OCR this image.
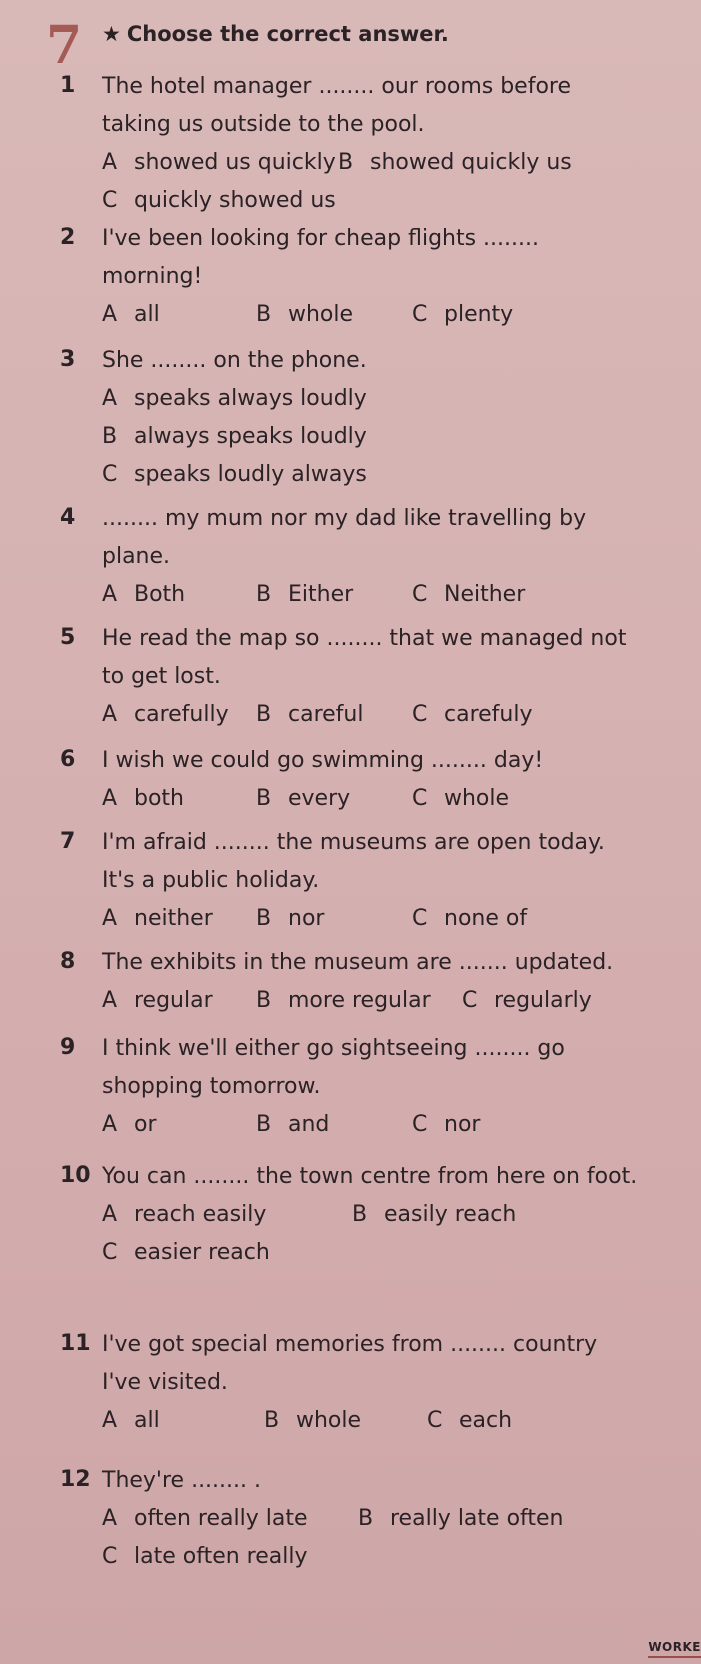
7 ★ Choose the correct answer.
1 The hotel manager ........ our rooms before taking us outside to the pool.
A showed us quickly B showed quickly us
C quickly showed us
2 I've been looking for cheap flights ........ morning!
A all	B whole	C plenty
3 She ........ on the phone.
A speaks always loudly
B always speaks loudly
C speaks loudly always
4 ........ my mum nor my dad like travelling by plane.
A Both	B Either	C Neither
5 He read the map so ........ that we managed not to get lost.
A carefully B careful C carefuly
6 I wish we could go swimming ........ day!
A both	B every	C whole
7 I'm afraid ........ the museums are open today. It's a public holiday.
A neither B nor	C none of
8 The exhibits in the museum are ....... updated.
A regular B more regular C regularly
9 I think we'll either go sightseeing ........ go shopping tomorrow.
A or	B and	C nor
10 You can ........ the town centre from here on foot.
A reach easily	B easily reach
C easier reach
11 I've got special memories from ........ country I've visited.
A all	B whole	C each
12 They're ........ .
A often really late B really late often
C late often really
WORKE
